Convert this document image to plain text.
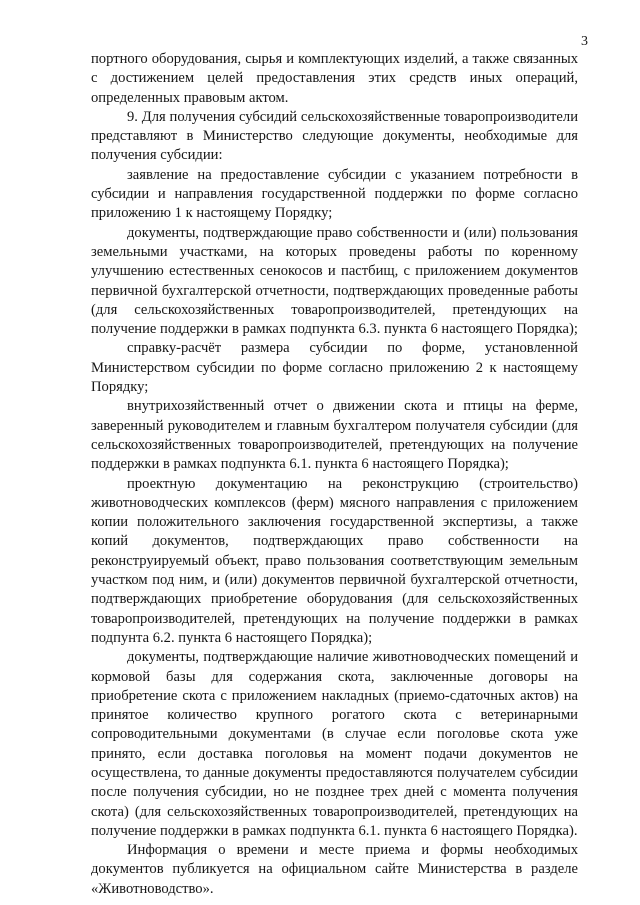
3

портного оборудования, сырья и комплектующих изделий, а также связанных с достижением целей предоставления этих средств иных операций, определенных правовым актом.

9. Для получения субсидий сельскохозяйственные товаропроизводители представляют в Министерство следующие документы, необходимые для получения субсидии:

заявление на предоставление субсидии с указанием потребности в субсидии и направления государственной поддержки по форме согласно приложению 1 к настоящему Порядку;

документы, подтверждающие право собственности и (или) пользования земельными участками, на которых проведены работы по коренному улучшению естественных сенокосов и пастбищ, с приложением документов первичной бухгалтерской отчетности, подтверждающих проведенные работы (для сельскохозяйственных товаропроизводителей, претендующих на получение поддержки в рамках подпункта 6.3. пункта 6 настоящего Порядка);

справку-расчёт размера субсидии по форме, установленной Министерством субсидии по форме согласно приложению 2 к настоящему Порядку;

внутрихозяйственный отчет о движении скота и птицы на ферме, заверенный руководителем и главным бухгалтером получателя субсидии (для сельскохозяйственных товаропроизводителей, претендующих на получение поддержки в рамках подпункта 6.1. пункта 6 настоящего Порядка);

проектную документацию на реконструкцию (строительство) животноводческих комплексов (ферм) мясного направления с приложением копии положительного заключения государственной экспертизы, а также копий документов, подтверждающих право собственности на реконструируемый объект, право пользования соответствующим земельным участком под ним, и (или) документов первичной бухгалтерской отчетности, подтверждающих приобретение оборудования (для сельскохозяйственных товаропроизводителей, претендующих на получение поддержки в рамках подпунта 6.2. пункта 6 настоящего Порядка);

документы, подтверждающие наличие животноводческих помещений и кормовой базы для содержания скота, заключенные договоры на приобретение скота с приложением накладных (приемо-сдаточных актов) на принятое количество крупного рогатого скота с ветеринарными сопроводительными документами (в случае если поголовье скота уже принято, если доставка поголовья на момент подачи документов не осуществлена, то данные документы предоставляются получателем субсидии после получения субсидии, но не позднее трех дней с момента получения скота) (для сельскохозяйственных товаропроизводителей, претендующих на получение поддержки в рамках подпункта 6.1. пункта 6 настоящего Порядка).

Информация о времени и месте приема и формы необходимых документов публикуется на официальном сайте Министерства в разделе «Животноводство».
